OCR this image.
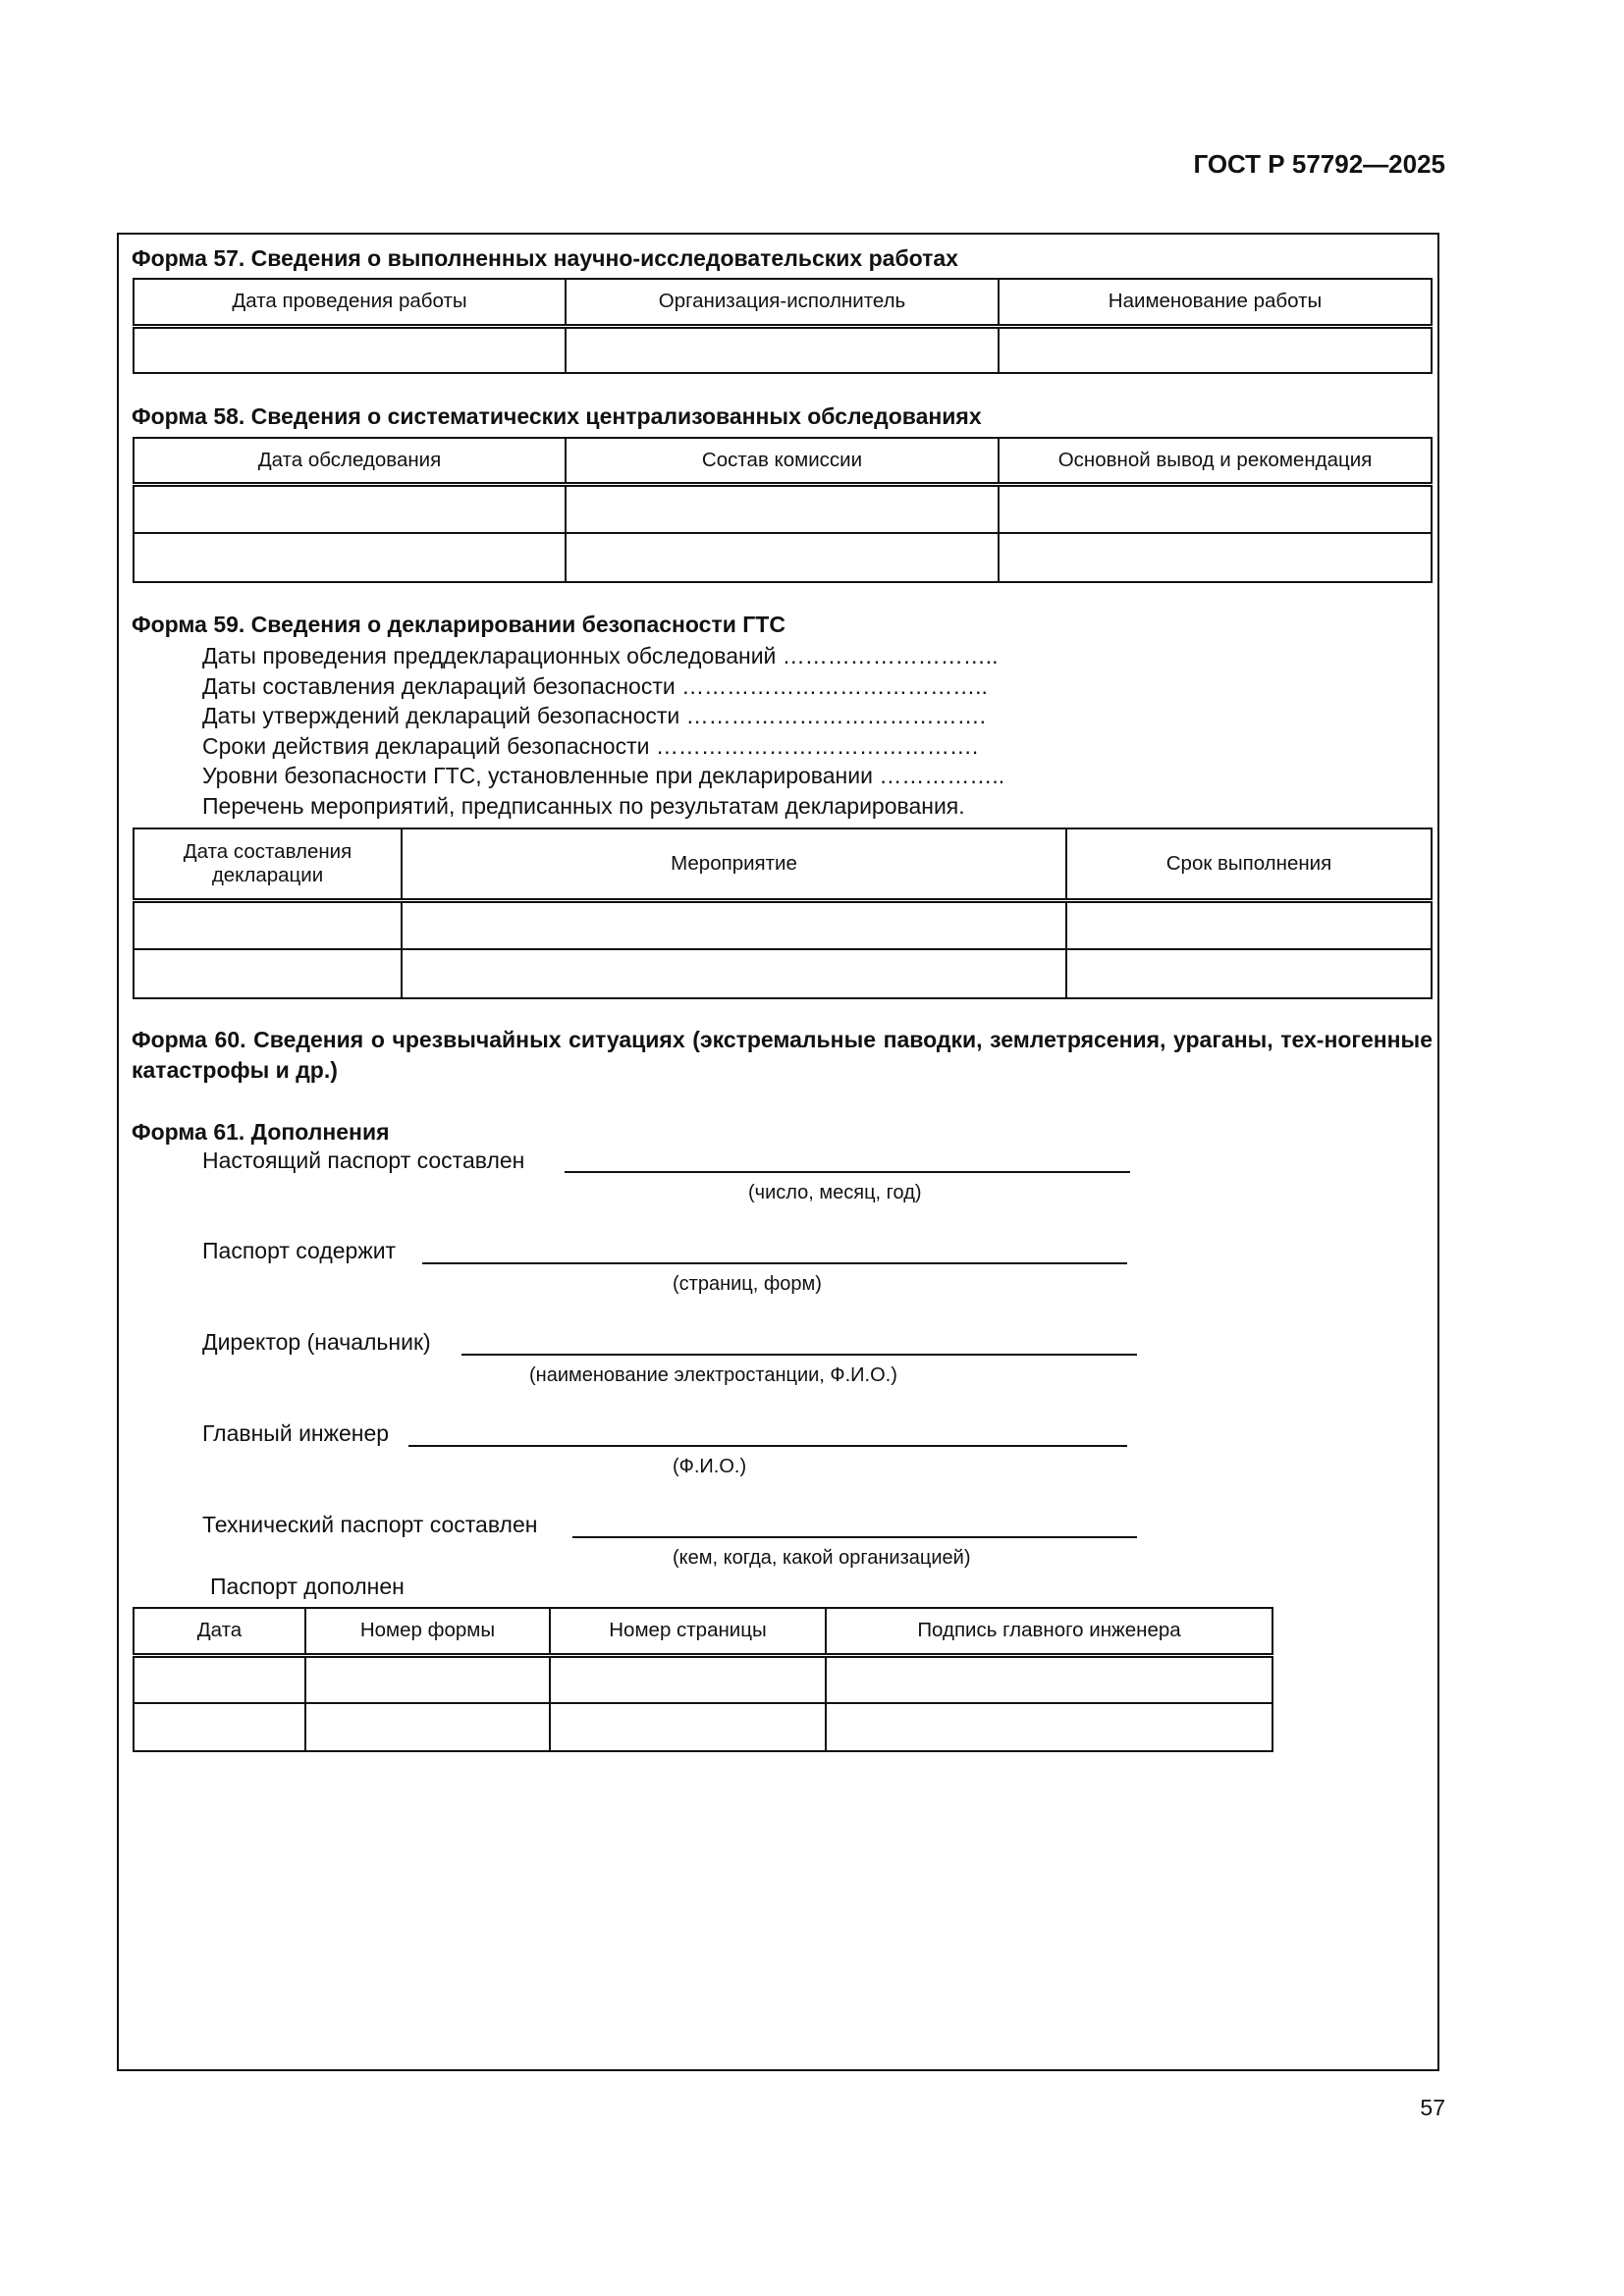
ГОСТ Р 57792—2025
Форма 57. Сведения о выполненных научно-исследовательских работах
Дата проведения работы	Организация-исполнитель	Наименование работы

Форма 58. Сведения о систематических централизованных обследованиях
Дата обследования	Состав комиссии	Основной вывод и рекомендация

Форма 59. Сведения о декларировании безопасности ГТС
Даты проведения преддекларационных обследований ………………………..
Даты составления деклараций безопасности …………………………………..
Даты утверждений деклараций безопасности ………………………………….
Сроки действия деклараций безопасности …………………………………….
Уровни безопасности ГТС, установленные при декларировании ……………..
Перечень мероприятий, предписанных по результатам декларирования.
Дата составления декларации	Мероприятие	Срок выполнения

Форма 60. Сведения о чрезвычайных ситуациях (экстремальные паводки, землетрясения, ураганы, тех-ногенные катастрофы и др.)
Форма 61. Дополнения
Настоящий паспорт составлен
(число, месяц, год)
Паспорт содержит
(страниц, форм)
Директор (начальник)
(наименование электростанции, Ф.И.О.)
Главный инженер
(Ф.И.О.)
Технический паспорт составлен
(кем, когда, какой организацией)
Паспорт дополнен
Дата	Номер формы	Номер страницы	Подпись главного инженера

57
